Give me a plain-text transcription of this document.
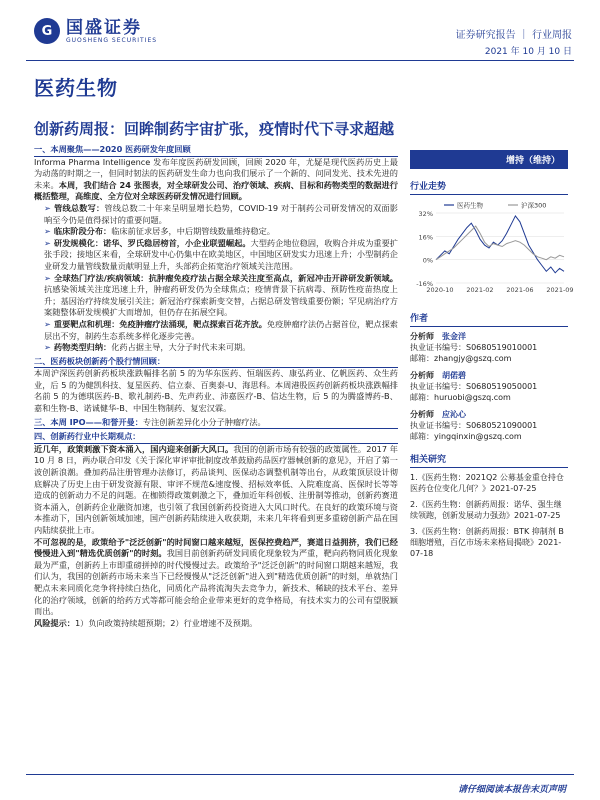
G 国盛证券
GUOSHENG SECURITIES	证券研究报告 ｜ 行业周报
2021 年 10 月 10 日
医药生物
创新药周报：回眸制药宇宙扩张，疫情时代下寻求超越
一、本周聚焦——2020 医药研发年度回顾

Informa Pharma Intelligence 发布年度医药研发回顾，回顾 2020 年，尤疑是现代医药历史上最为动荡的时期之一，但同时韧法的医药研发生命力也向我们展示了一个新的、问同发光、技术先进的未来。本周，我们结合 24 张图表，对全球研发公司、治疗领域、疾病、目标和药物类型的数据进行概括整理，高维度、全方位对全球医药研发情况进行回顾。

➢ 管线总数写：管线总数二十年来呈明显增长趋势，COVID-19 对于制药公司研发情况的双面影响至今仍是值得探讨的重要问题。

➢ 临床阶段分布：临床前征求居多，中后期管线数量维持稳定。

➢ 研发规模化：诺华、罗氏稳居榜首，小企业联盟崛起。大型药企地位稳固，收购合并成为重要扩张手段；接地区来看，全球研发中心仍集中在欧美地区，中国地区研发实力迅速上升；小型制药企业研发力量管线数量贡献明显上升，头部药企拓宽治疗领域关注范围。

➢ 全球热门疗法/疾病领域：抗肿瘤免疫疗法占据全球关注度至高点，新冠冲击开辟研发新领域。抗感染领域关注度迅速上升，肿瘤药研发仍为全球焦点；疫情背景下抗病毒、预防性疫苗热度上升；基因治疗持续发展引关注；新冠治疗探索新变交替，占据总研发管线重要份额；罕见病治疗方案随整体研发规模扩大而增加，但仍存在拓展空间。

➢ 重要靶点和机理：免疫肿瘤疗法涌现，靶点探索百花齐放。免疫肿瘤疗法仍占据首位，靶点探索层出不穷，制药生态系统多样化逐步完善。

➢ 药物类型归纳：化药占据主导，大分子时代未来可期。

二、医药板块创新药个股行情回顾：

本周沪深医药创新药板块涨跌幅排名前 5 的为华东医药、恒瑞医药、康弘药业、亿帆医药、众生药业，后 5 的为健凯科技、复星医药、信立泰、百奥泰-U、海思科。本周港股医药创新药板块涨跌幅排名前 5 的为德琪医药-B、歌礼制药-B、先声药业、沛嘉医疗-B、信达生物，后 5 的为腾盛博药-B、嘉和生物-B、诺诚健华-B、中国生物制药、复宏汉霖。

三、本周 IPO——和誉开曼：专注创新差异化小分子肿瘤疗法。
四、创新药行业中长期观点：

近几年，政策刺激下资本涌入，国内迎来创新大风口。我国的创新市场有较强的政策属性。2017 年 10 月 8 日，两办联合印发《关于深化审评审批制度改革鼓励药品医疗器械创新的意见》，开启了第一波创新浪潮。叠加药品注册管理办法修订，药品谈判、医保动态调整机制等出台，从政策顶层设计彻底解决了历史上由于研发资源有限、审评不规范&速度慢、招标效率低、入院难度高、医保时长等等造成的创新动力不足的问题。在枷锁得政策刺激之下，叠加近年科创板、注册制等推动，创新药赛道资本涌入，创新药企业融资加速，也引领了我国创新药投资进入大风口时代。在良好的政策环境与资本推动下，国内创新领域加速，国产创新药陆续进入收获期，未来几年将看到更多重磅创新产品在国内陆续获批上市。

不可忽视的是，政策给予"泛泛创新"的时间窗口越来越短，医保控费趋严，赛道日益拥挤，我们已经慢慢进入到"精选优质创新"的时刻。我国目前创新药研发同质化现象较为严重，靶向药物同质化现象最为严重，创新药上市即重磅拼掉的时代慢慢过去。政策给予"泛泛创新"的时间窗口期越来越短，我们认为，我国的创新药市场未来当下已经慢慢从"泛泛创新"进入到"精选优质创新"的时刻，单就热门靶点未来同质化竞争将持续白热化，同质化产品将流淘失去竞争力，新技术、稀缺的技术平台、差异化的治疗领域，创新的给药方式等都可能会给企业带来更好的竞争格局，有技术实力的公司有望脱颖而出。

风险提示：1）负向政策持续超预期；2）行业增速不及预期。

增持（维持）
行业走势
32%
16%
0%
-16%
2020-10 2021-02 2021-06 2021-09
医药生物	沪深300
作者
分析师　 张金洋
执业证书编号：S0680519010001
邮箱：zhangjy@gszq.com
分析师　 胡偌碧
执业证书编号：S0680519050001
邮箱：huruobi@gszq.com
分析师　 应沁心
执业证书编号：S0680521090001
邮箱：yingqinxin@gszq.com
相关研究

1.《医药生物：2021Q2 公募基金重仓持仓医药仓位变化几何？》2021-07-25

2.《医药生物：创新药周报：诺华、强生继续领跑，创新发展动力强劲》2021-07-25

3.《医药生物：创新药周报：BTK 抑制剂 B 细胞增殖，百亿市场未来格局揭晓》2021-07-18

请仔细阅读本报告末页声明
